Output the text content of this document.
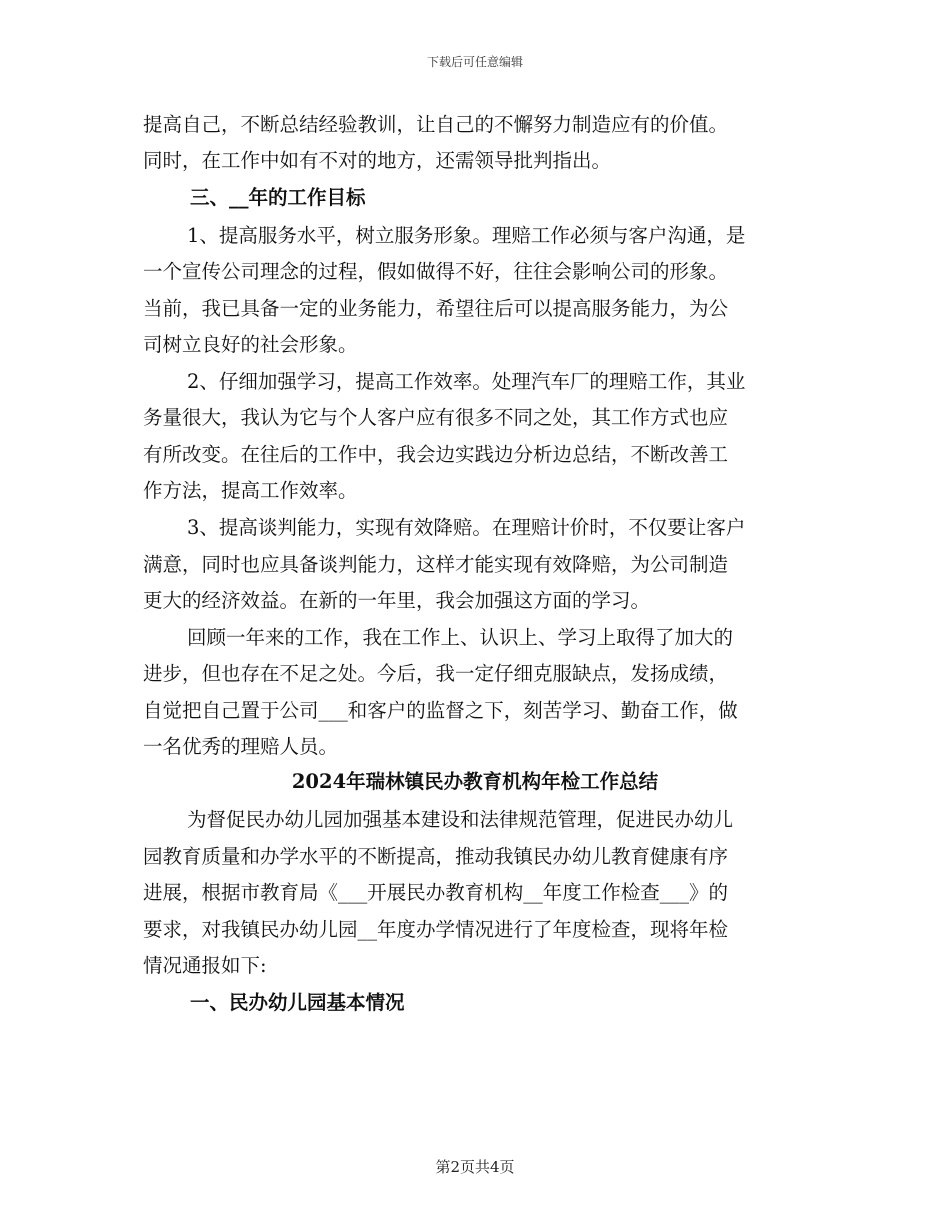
下载后可任意编辑
提高自己，不断总结经验教训，让自己的不懈努力制造应有的价值。
同时，在工作中如有不对的地方，还需领导批判指出。
三、__年的工作目标
1、提高服务水平，树立服务形象。理赔工作必须与客户沟通，是
一个宣传公司理念的过程，假如做得不好，往往会影响公司的形象。
当前，我已具备一定的业务能力，希望往后可以提高服务能力，为公
司树立良好的社会形象。
2、仔细加强学习，提高工作效率。处理汽车厂的理赔工作，其业
务量很大，我认为它与个人客户应有很多不同之处，其工作方式也应
有所改变。在往后的工作中，我会边实践边分析边总结，不断改善工
作方法，提高工作效率。
3、提高谈判能力，实现有效降赔。在理赔计价时，不仅要让客户
满意，同时也应具备谈判能力，这样才能实现有效降赔，为公司制造
更大的经济效益。在新的一年里，我会加强这方面的学习。
回顾一年来的工作，我在工作上、认识上、学习上取得了加大的
进步，但也存在不足之处。今后，我一定仔细克服缺点，发扬成绩，
自觉把自己置于公司___和客户的监督之下，刻苦学习、勤奋工作，做
一名优秀的理赔人员。
2024年瑞林镇民办教育机构年检工作总结
为督促民办幼儿园加强基本建设和法律规范管理，促进民办幼儿
园教育质量和办学水平的不断提高，推动我镇民办幼儿教育健康有序
进展，根据市教育局《___开展民办教育机构__年度工作检查___》的
要求，对我镇民办幼儿园__年度办学情况进行了年度检查，现将年检
情况通报如下:
一、民办幼儿园基本情况
第2页共4页
